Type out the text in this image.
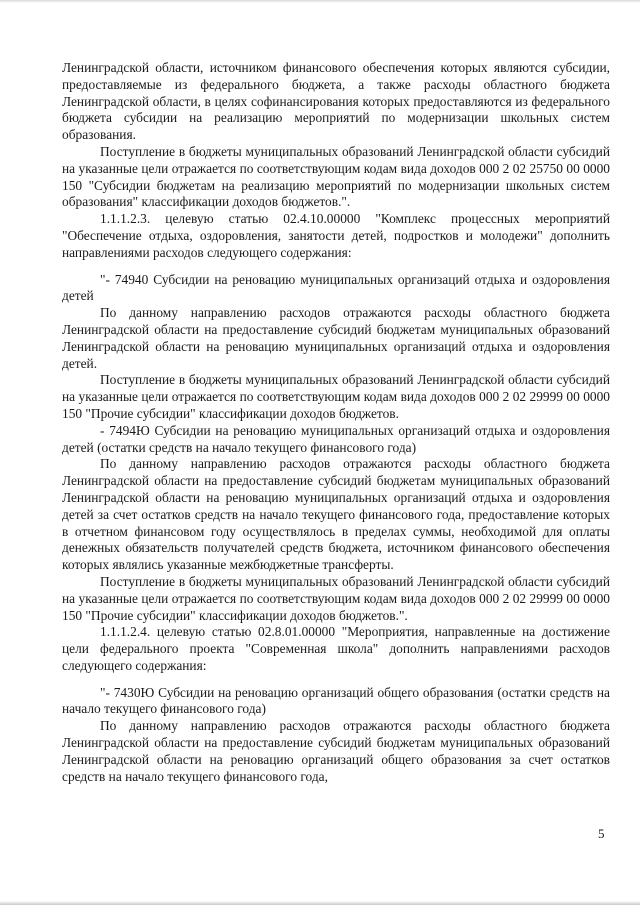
Ленинградской области, источником финансового обеспечения которых являются субсидии, предоставляемые из федерального бюджета, а также расходы областного бюджета Ленинградской области, в целях софинансирования которых предоставляются из федерального бюджета субсидии на реализацию мероприятий по модернизации школьных систем образования.

Поступление в бюджеты муниципальных образований Ленинградской области субсидий на указанные цели отражается по соответствующим кодам вида доходов 000 2 02 25750 00 0000 150 "Субсидии бюджетам на реализацию мероприятий по модернизации школьных систем образования" классификации доходов бюджетов.".

1.1.1.2.3. целевую статью 02.4.10.00000 "Комплекс процессных мероприятий "Обеспечение отдыха, оздоровления, занятости детей, подростков и молодежи" дополнить направлениями расходов следующего содержания:

"- 74940 Субсидии на реновацию муниципальных организаций отдыха и оздоровления детей

По данному направлению расходов отражаются расходы областного бюджета Ленинградской области на предоставление субсидий бюджетам муниципальных образований Ленинградской области на реновацию муниципальных организаций отдыха и оздоровления детей.

Поступление в бюджеты муниципальных образований Ленинградской области субсидий на указанные цели отражается по соответствующим кодам вида доходов 000 2 02 29999 00 0000 150 "Прочие субсидии" классификации доходов бюджетов.

- 7494Ю Субсидии на реновацию муниципальных организаций отдыха и оздоровления детей (остатки средств на начало текущего финансового года)

По данному направлению расходов отражаются расходы областного бюджета Ленинградской области на предоставление субсидий бюджетам муниципальных образований Ленинградской области на реновацию муниципальных организаций отдыха и оздоровления детей за счет остатков средств на начало текущего финансового года, предоставление которых в отчетном финансовом году осуществлялось в пределах суммы, необходимой для оплаты денежных обязательств получателей средств бюджета, источником финансового обеспечения которых являлись указанные межбюджетные трансферты.

Поступление в бюджеты муниципальных образований Ленинградской области субсидий на указанные цели отражается по соответствующим кодам вида доходов 000 2 02 29999 00 0000 150 "Прочие субсидии" классификации доходов бюджетов.".

1.1.1.2.4. целевую статью 02.8.01.00000 "Мероприятия, направленные на достижение цели федерального проекта "Современная школа" дополнить направлениями расходов следующего содержания:

"- 7430Ю Субсидии на реновацию организаций общего образования (остатки средств на начало текущего финансового года)

По данному направлению расходов отражаются расходы областного бюджета Ленинградской области на предоставление субсидий бюджетам муниципальных образований Ленинградской области на реновацию организаций общего образования за счет остатков средств на начало текущего финансового года,

5
